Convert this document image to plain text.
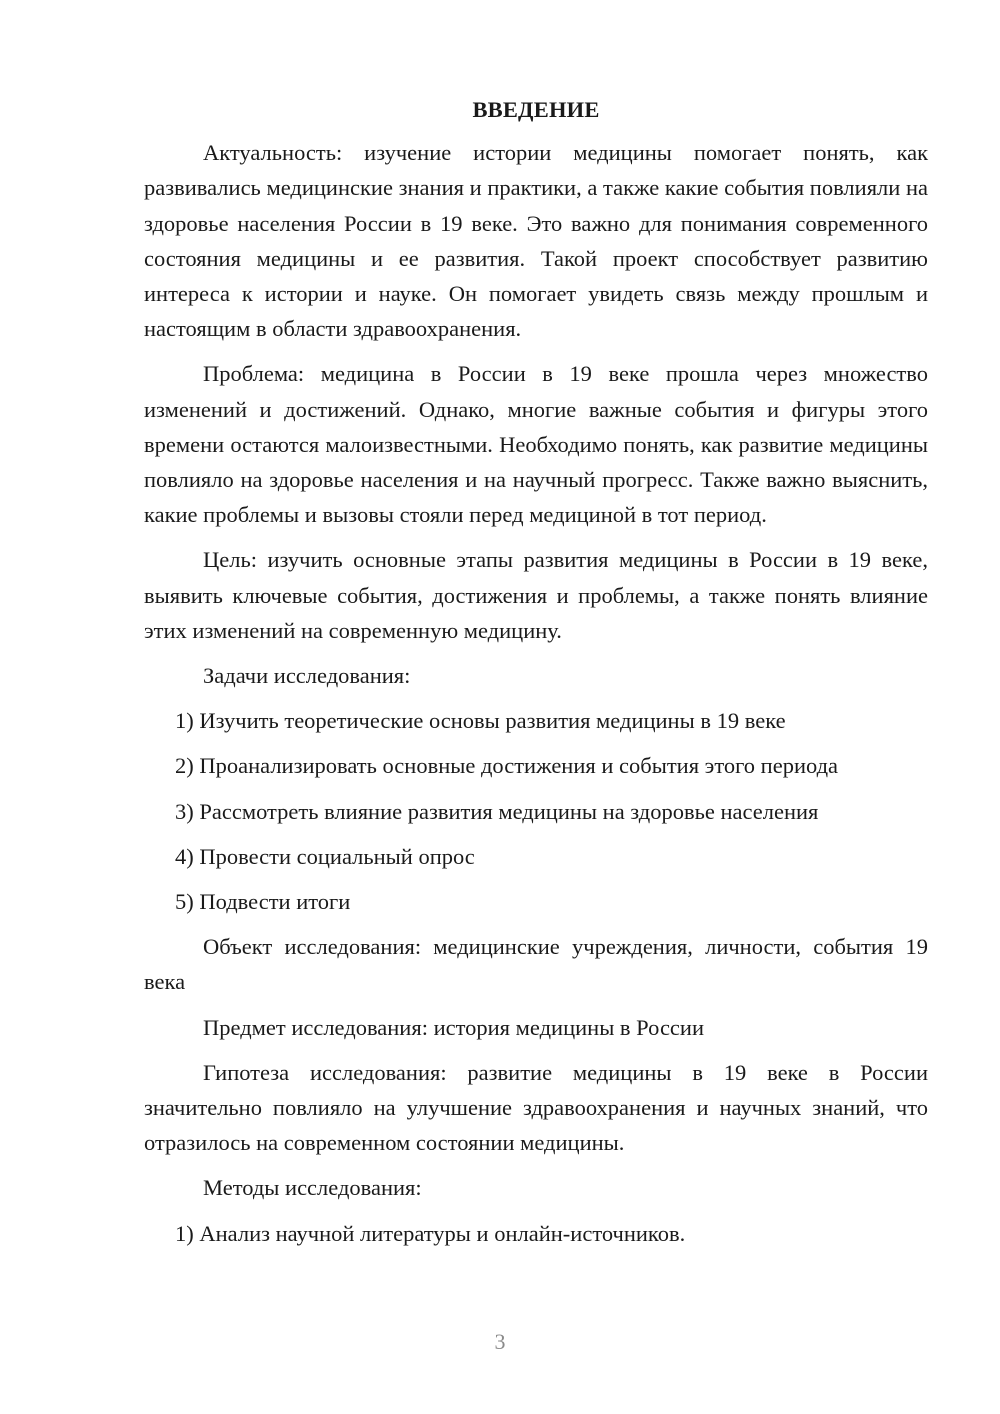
ВВЕДЕНИЕ

Актуальность: изучение истории медицины помогает понять, как развивались медицинские знания и практики, а также какие события повлияли на здоровье населения России в 19 веке. Это важно для понимания современного состояния медицины и ее развития. Такой проект способствует развитию интереса к истории и науке. Он помогает увидеть связь между прошлым и настоящим в области здравоохранения.

Проблема: медицина в России в 19 веке прошла через множество изменений и достижений. Однако, многие важные события и фигуры этого времени остаются малоизвестными. Необходимо понять, как развитие медицины повлияло на здоровье населения и на научный прогресс. Также важно выяснить, какие проблемы и вызовы стояли перед медициной в тот период.

Цель: изучить основные этапы развития медицины в России в 19 веке, выявить ключевые события, достижения и проблемы, а также понять влияние этих изменений на современную медицину.

Задачи исследования:

1) Изучить теоретические основы развития медицины в 19 веке
2) Проанализировать основные достижения и события этого периода
3) Рассмотреть влияние развития медицины на здоровье населения
4) Провести социальный опрос
5) Подвести итоги

Объект исследования: медицинские учреждения, личности, события 19 века

Предмет исследования: история медицины в России

Гипотеза исследования: развитие медицины в 19 веке в России значительно повлияло на улучшение здравоохранения и научных знаний, что отразилось на современном состоянии медицины.

Методы исследования:

1) Анализ научной литературы и онлайн-источников.
3
